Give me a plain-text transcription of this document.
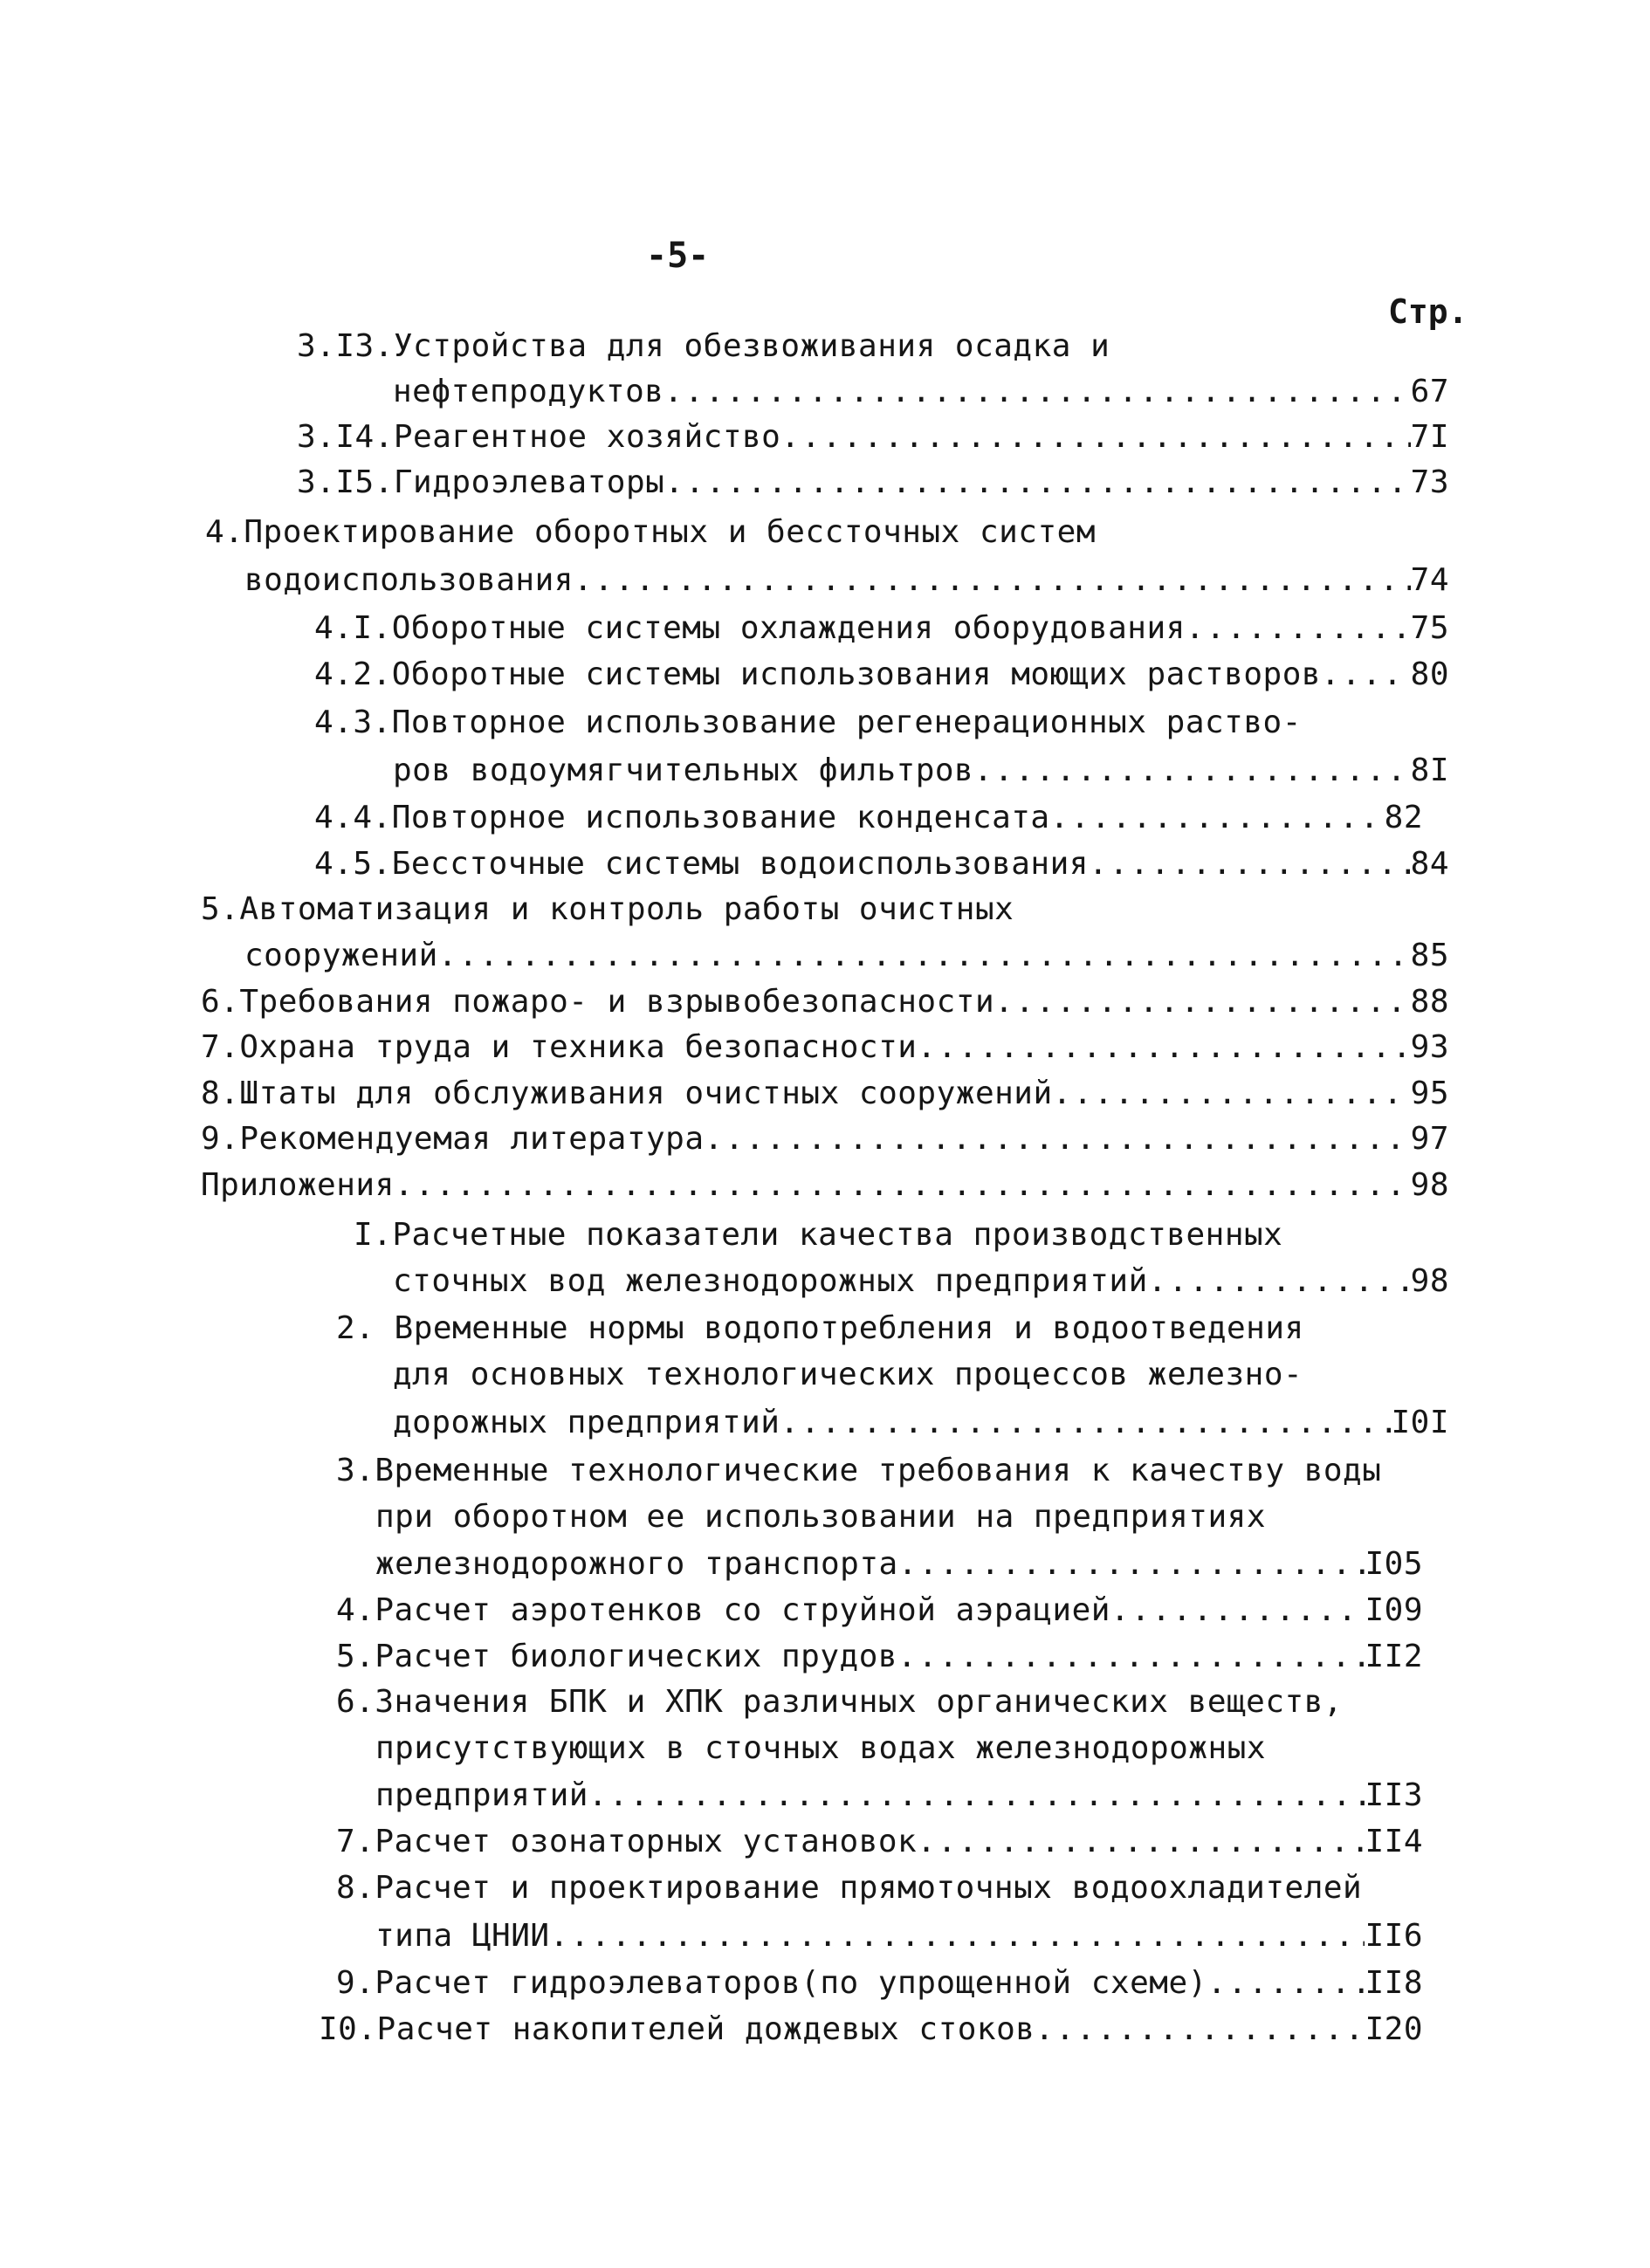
-5-
Стр.
3.I3.Устройства для обезвоживания осадка и
нефтепродуктов .....	67
3.I4.Реагентное хозяйство .....	7I
3.I5.Гидроэлеваторы .....	73
4.Проектирование оборотных и бессточных систем
водоиспользования .....	74
4.I.Оборотные системы охлаждения оборудования .....	75
4.2.Оборотные системы использования моющих растворов .....	80
4.3.Повторное использование регенерационных раство-
ров водоумягчительных фильтров .....	8I
4.4.Повторное использование конденсата .....	82
4.5.Бессточные системы водоиспользования .....	84
5.Автоматизация и контроль работы очистных
сооружений .....	85
6.Требования пожаро- и взрывобезопасности .....	88
7.Охрана труда и техника безопасности .....	93
8.Штаты для обслуживания очистных сооружений .....	95
9.Рекомендуемая литература .....	97
Приложения .....	98
I.Расчетные показатели качества производственных
сточных вод железнодорожных предприятий .....	98
2. Временные нормы водопотребления и водоотведения
для основных технологических процессов железно-
дорожных предприятий .....	I0I
3.Временные технологические требования к качеству воды
при оборотном ее использовании на предприятиях
железнодорожного транспорта .....	I05
4.Расчет аэротенков со струйной аэрацией .....	I09
5.Расчет биологических прудов .....	II2
6.Значения БПК и ХПК различных органических веществ,
присутствующих в сточных водах железнодорожных
предприятий .....	II3
7.Расчет озонаторных установок .....	II4
8.Расчет и проектирование прямоточных водоохладителей
типа ЦНИИ .....	II6
9.Расчет гидроэлеваторов(по упрощенной схеме) .....	II8
I0.Расчет накопителей дождевых стоков .....	I20
